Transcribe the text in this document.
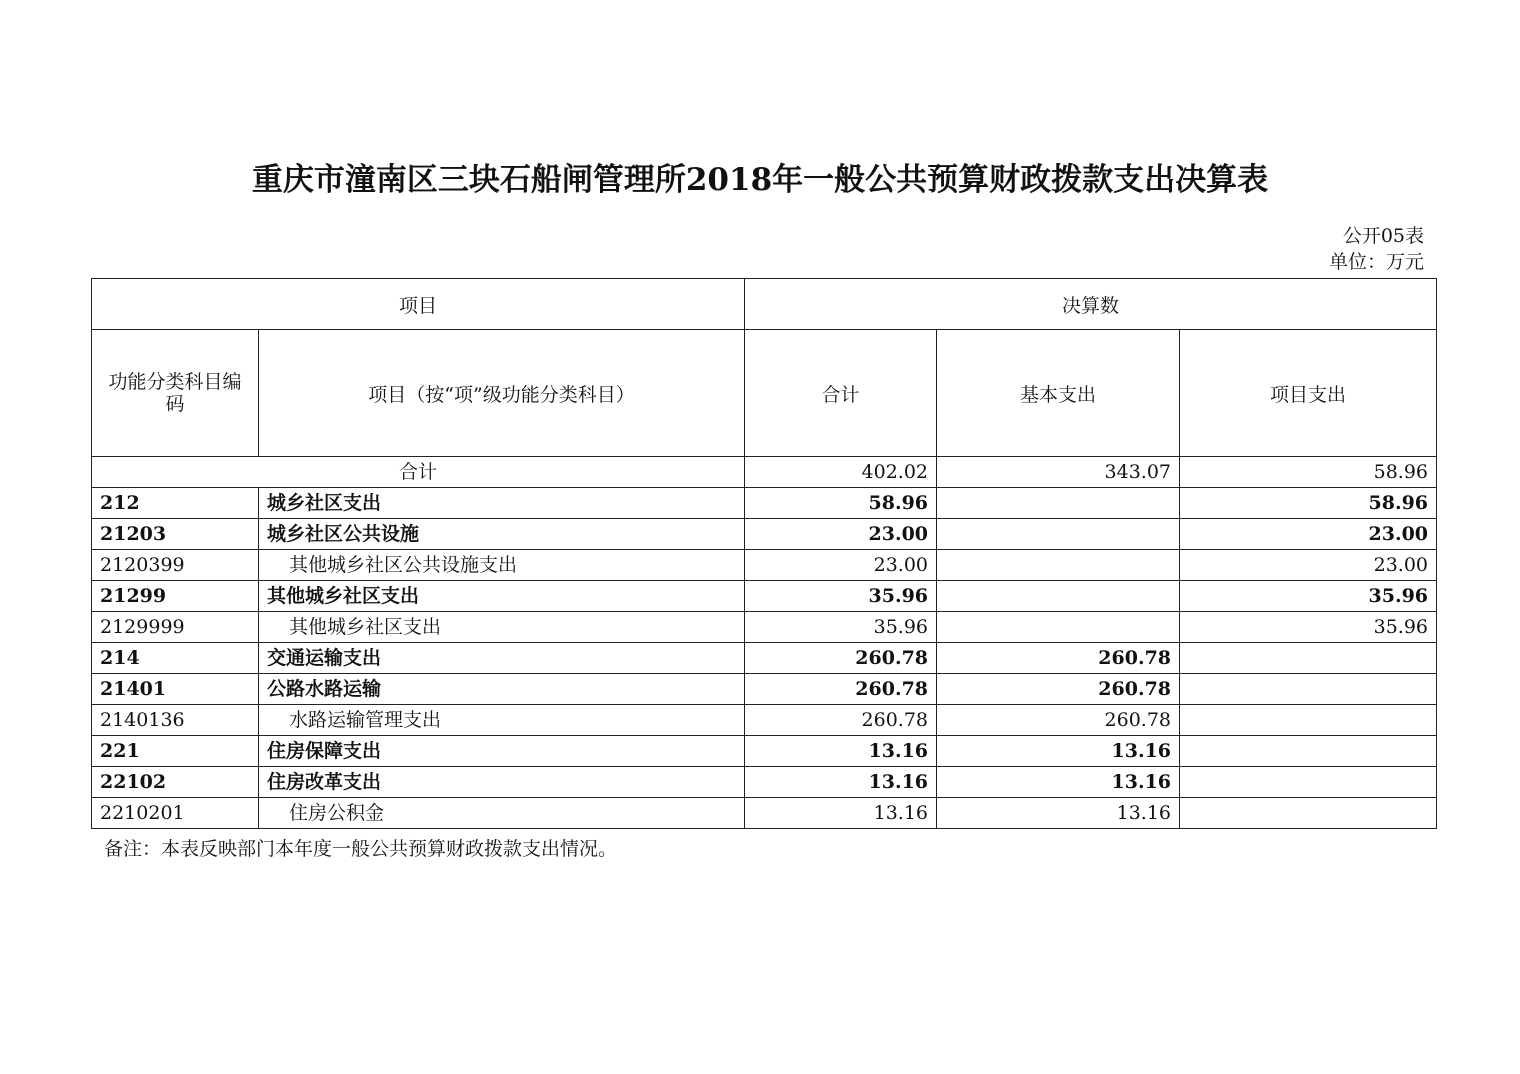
重庆市潼南区三块石船闸管理所2018年一般公共预算财政拨款支出决算表
公开05表
单位：万元
项目		决算数		
功能分类科目编码	项目（按“项”级功能分类科目）	合计	基本支出	项目支出
合计		402.02	343.07	58.96
212	城乡社区支出	58.96		58.96
21203	城乡社区公共设施	23.00		23.00
2120399	其他城乡社区公共设施支出	23.00		23.00
21299	其他城乡社区支出	35.96		35.96
2129999	其他城乡社区支出	35.96		35.96
214	交通运输支出	260.78	260.78	
21401	公路水路运输	260.78	260.78	
2140136	水路运输管理支出	260.78	260.78	
221	住房保障支出	13.16	13.16	
22102	住房改革支出	13.16	13.16	
2210201	住房公积金	13.16	13.16	
备注：本表反映部门本年度一般公共预算财政拨款支出情况。
